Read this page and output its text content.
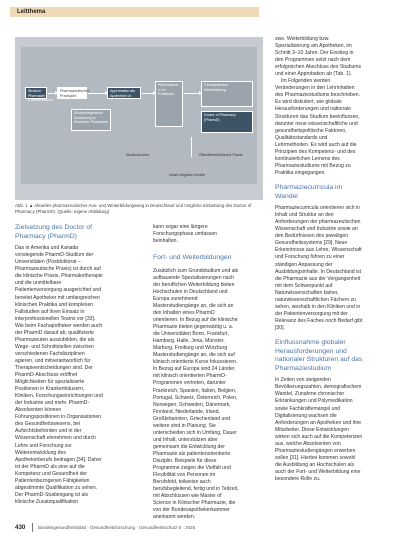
Leitthema
Studium Pharmazie (Staatsexamen)
Pharmazeutischer Praxisjahr
Approbation als Apotheker/-in
Studienbegleitend Ausbildung in Klinischer Pharmazie
Pharmazeut/-in im Praktikum
Fachapotheker Weiterbildung
Doctor of Pharmacy (PharmD)
Studium/Lehre	Öffentliche/Klinische Praxis
Inhalt mögliche Inhalte
Abb. 1 ▲ Aktueller pharmazeutischer Aus- und Weiterbildungsweg in Deutschland und mögliche Einbettung des Doctor of Pharmacy (PharmD). (Quelle: eigene Abbildung)
Zielsetzung des Doctor of Pharmacy (PharmD)

Das in Amerika und Kanada vorwiegende PharmD-Studium der Universitäten (Postdoktorat – Pharmazeutische Praxis) ist durch auf die klinische Praxis, Pharmakotherapie und die unmittelbare Patientenversorgung ausgerichtet und bereitet Apotheker mit umfangreichen klinischen Praktika und komplexen Fallstudien auf ihren Einsatz in interprofessionellen Teams vor [33]. Wie beim Fachapotheker werden auch der PharmD darauf ab, qualifizierte Pharmazeuten auszubilden, die als Wege- und Schnittstellen zwischen verschiedenen Fachdisziplinen agieren, und mitverantwortlich für Therapieentscheidungen sind. Der PharmD-Abschluss eröffnet Möglichkeiten für spezialisierte Positionen in Krankenhäusern, Kliniken, Forschungseinrichtungen und der Industrie und mehr. PharmD-Absolventen können Führungspositionen in Organisationen des Gesundheitswesens, bei Aufsichtsbehörden und in der Wissenschaft einnehmen und durch Lehre und Forschung zur Weiterentwicklung des Apothekerberufs beitragen [34]. Daher ist der PharmD als eine auf die Kompetenz und Gesundheit der Patientenbezogenen Fähigkeiten abgestimmte Qualifikation zu sehen. Der PharmD-Studiengang ist als klinische Zusatzqualifikation

kann sogar eine längere Forschungsphase umfassen beinhalten.

Fort- und Weiterbildungen

Zusätzlich zum Grundstudium und als aufbauende Spezialisierungen nach der beruflichen Weiterbildung bieten Hochschulen in Deutschland und Europa zunehmend Masterstudiengänge an, die sich an den Inhalten eines PharmD orientieren. In Bezug auf die klinische Pharmazie bieten gegenwärtig u. a. die Universitäten Bonn, Frankfurt, Hamburg, Halle, Jena, Münster, Marburg, Freiburg und Würzburg Masterstudiengänge an, die sich auf klinisch orientierte Kurse fokussieren. In Bezug auf Europa sind 24 Länder mit klinisch orientierten PharmD-Programmen vertreten, darunter Frankreich, Spanien, Italien, Belgien, Portugal, Schweiz, Österreich, Polen, Norwegen, Schweden, Dänemark, Finnland, Niederlande, Irland, Großbritannien, Griechenland und weitere sind in Planung. Sie unterscheiden sich in Umfang, Dauer und Inhalt, unterstützen aber gemeinsam die Entwicklung der Pharmazie als patientenorientierte Disziplin. Beispiele für diese Programme zeigen die Vielfalt und Flexibilität von Personen im Berufsfeld, teilweise auch berufsbegleitend, fertig und in Teilzeit, mit Abschlüssen wie Master of Science in Klinischer Pharmazie, die von der Bundesapothekerkammer anerkannt werden.

swe. Weiterbildung bzw. Spezialisierung am Apotheken, im Schnitt 3–10 Jahre. Der Einstieg in den Programmen setzt nach dem erfolgreichen Abschluss des Studiums und einer Approbation ab (Tab. 1).

Im Folgenden werden Veränderungen in den Lehrinhalten des Pharmaziestudiums beschrieben. Es wird diskutiert, wie globale Herausforderungen und nationale Strukturen das Studium beeinflussen, darunter neue wissenschaftliche und gesundheitspolitische Faktoren, Qualitätsstandards und Lehrmethoden. Es wird auch auf die Prinzipien des Kompetenz- und des kontinuierlichen Lernens des Pharmaziestudiums mit Bezug zu Praktika eingegangen.

Pharmaziecurricula im Wandel

Pharmaziecurricula orientieren sich in Inhalt und Struktur an den Anforderungen der pharmazeutischen Wissenschaft und Industrie sowie an den Bedürfnissen des jeweiligen Gesundheitssystems [29]. Neue Erkenntnisse aus Lehre, Wissenschaft und Forschung führen zu einer ständigen Anpassung der Ausbildungsinhalte. In Deutschland ist die Pharmazie aus der Vergangenheit mit dem Schwerpunkt auf Naturwissenschaften bisher, naturwissenschaftlichen Fächern zu sehen, weshalb in den Kliniken und in der Patientenversorgung mit der Relevanz des Faches noch Bedarf gibt [30].

Einflussnahme globaler Herausforderungen und nationaler Strukturen auf das Pharmaziestudium

In Zeiten von steigenden Bevölkerungszahlen, demografischem Wandel, Zunahme chronischer Erkrankungen und Polymedikation sowie Fachkräftemangel und Digitalisierung wachsen die Anforderungen an Apotheken und ihre Mitarbeiter. Diese Entwicklungen wirken sich auch auf die Kompetenzen aus, welche Absolventen von Pharmaziestudiengängen erwerben sollen [31]. Hierbei kommen sowohl die Ausbildung an Hochschulen als auch der Fort- und Weiterbildung eine besondere Rolle zu.

430	Bundesgesundheitsblatt · Gesundheitsforschung · Gesundheitsschutz 5 · 2025
